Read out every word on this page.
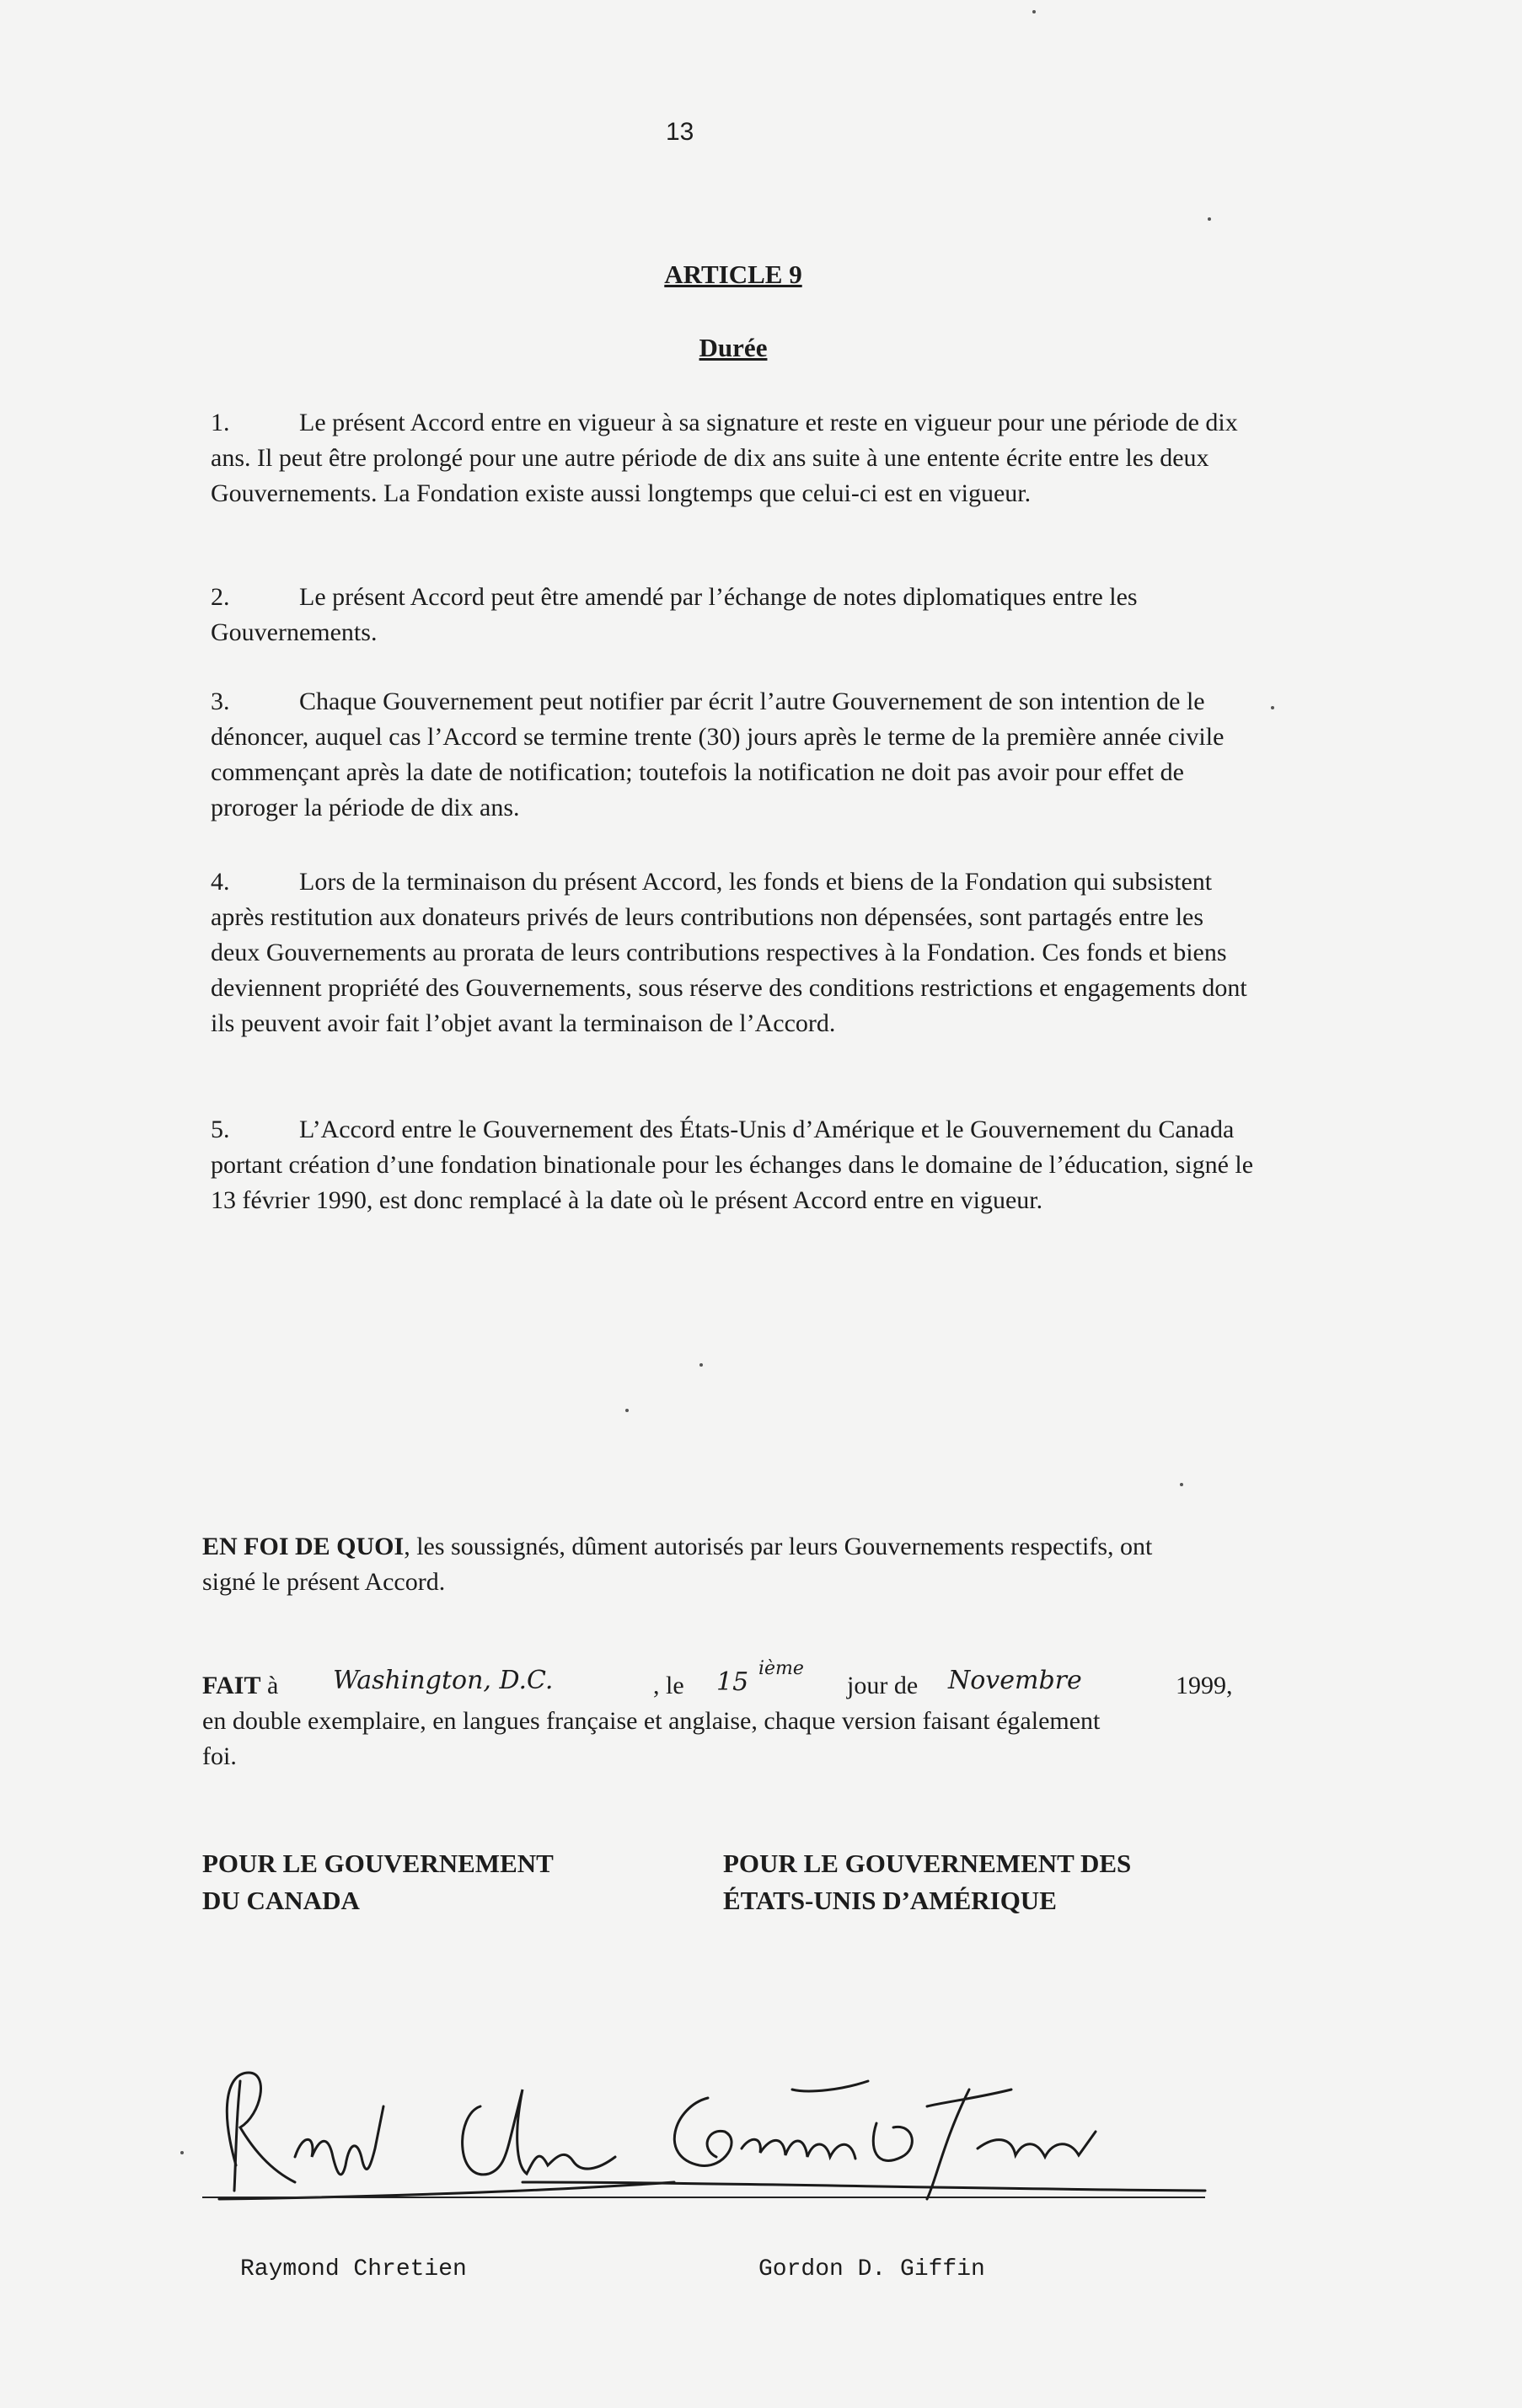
13
ARTICLE 9
Durée

1.	Le présent Accord entre en vigueur à sa signature et reste en vigueur pour une période de dix ans. Il peut être prolongé pour une autre période de dix ans suite à une entente écrite entre les deux Gouvernements. La Fondation existe aussi longtemps que celui-ci est en vigueur.

2.	Le présent Accord peut être amendé par l’échange de notes diplomatiques entre les Gouvernements.

3.	Chaque Gouvernement peut notifier par écrit l’autre Gouvernement de son intention de le dénoncer, auquel cas l’Accord se termine trente (30) jours après le terme de la première année civile commençant après la date de notification; toutefois la notification ne doit pas avoir pour effet de proroger la période de dix ans.

4.	Lors de la terminaison du présent Accord, les fonds et biens de la Fondation qui subsistent après restitution aux donateurs privés de leurs contributions non dépensées, sont partagés entre les deux Gouvernements au prorata de leurs contributions respectives à la Fondation. Ces fonds et biens deviennent propriété des Gouvernements, sous réserve des conditions restrictions et engagements dont ils peuvent avoir fait l’objet avant la terminaison de l’Accord.

5.	L’Accord entre le Gouvernement des États-Unis d’Amérique et le Gouvernement du Canada portant création d’une fondation binationale pour les échanges dans le domaine de l’éducation, signé le 13 février 1990, est donc remplacé à la date où le présent Accord entre en vigueur.

EN FOI DE QUOI, les soussignés, dûment autorisés par leurs Gouvernements respectifs, ont signé le présent Accord.

FAIT à Washington, D.C.	, le 15 ième
jour de Novembre	1999,
en double exemplaire, en langues française et anglaise, chaque version faisant également foi.
POUR LE GOUVERNEMENT
DU CANADA
POUR LE GOUVERNEMENT DES
ÉTATS-UNIS D’AMÉRIQUE
Raymond Chretien	Gordon D. Giffin
